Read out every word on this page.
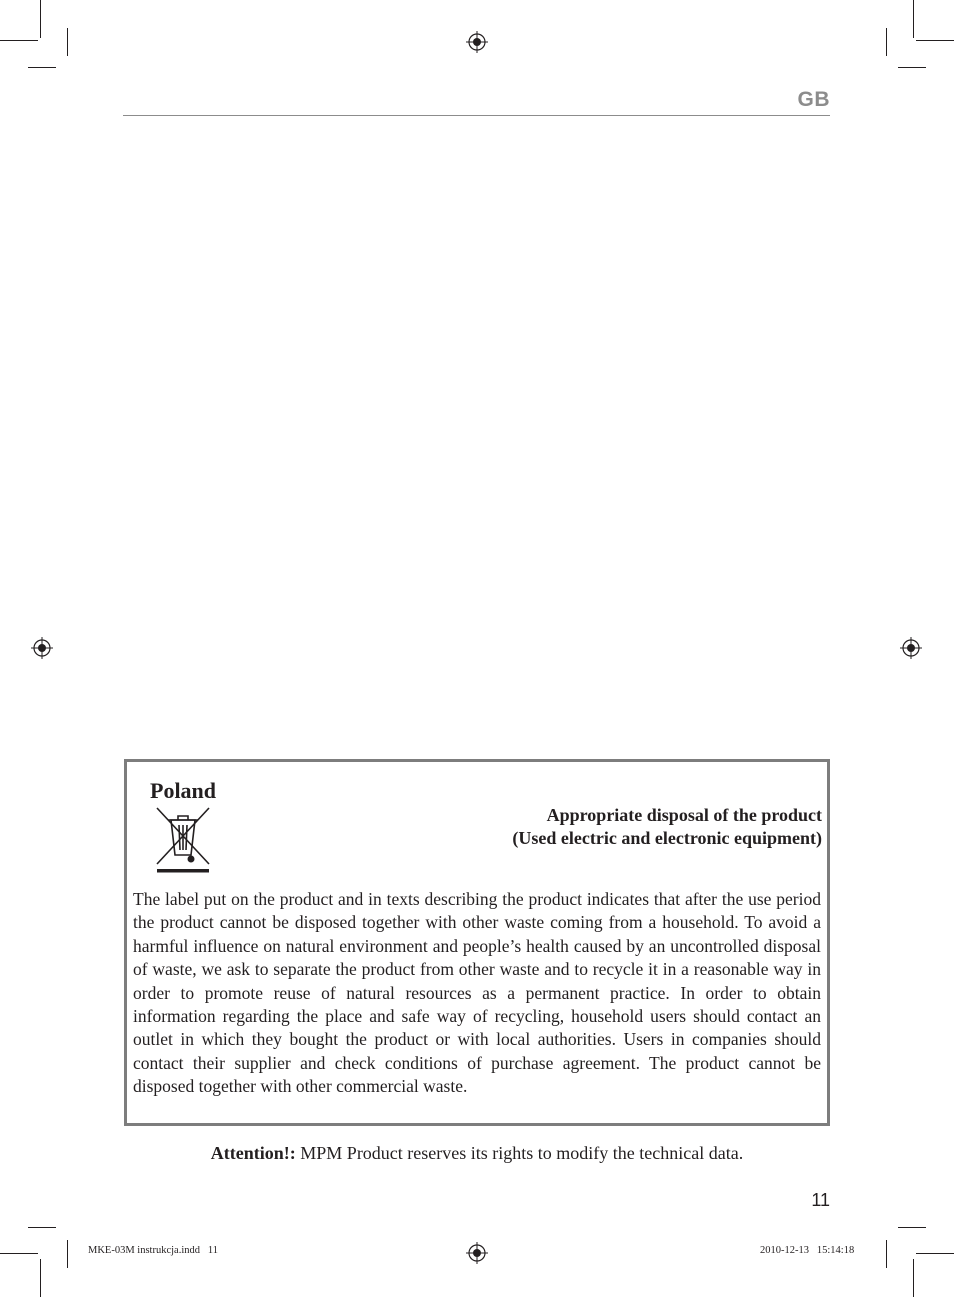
GB
Poland
Appropriate disposal of the product
(Used electric and electronic equipment)
The label put on the product and in texts describing the product indicates that after the use period the product cannot be disposed together with other waste coming from a household. To avoid a harmful influence on natural environment and people’s health caused by an uncontrolled disposal of waste, we ask to separate the product from other waste and to recycle it in a reasonable way in order to promote reuse of natural resources as a permanent practice. In order to obtain information regarding the place and safe way of recycling, household users should contact an outlet in which they bought the product or with local authorities. Users in companies should contact their supplier and check conditions of purchase agreement. The product cannot be disposed together with other commercial waste.
Attention!: MPM Product reserves its rights to modify the technical data.
11
MKE-03M instrukcja.indd   11	2010-12-13   15:14:18
